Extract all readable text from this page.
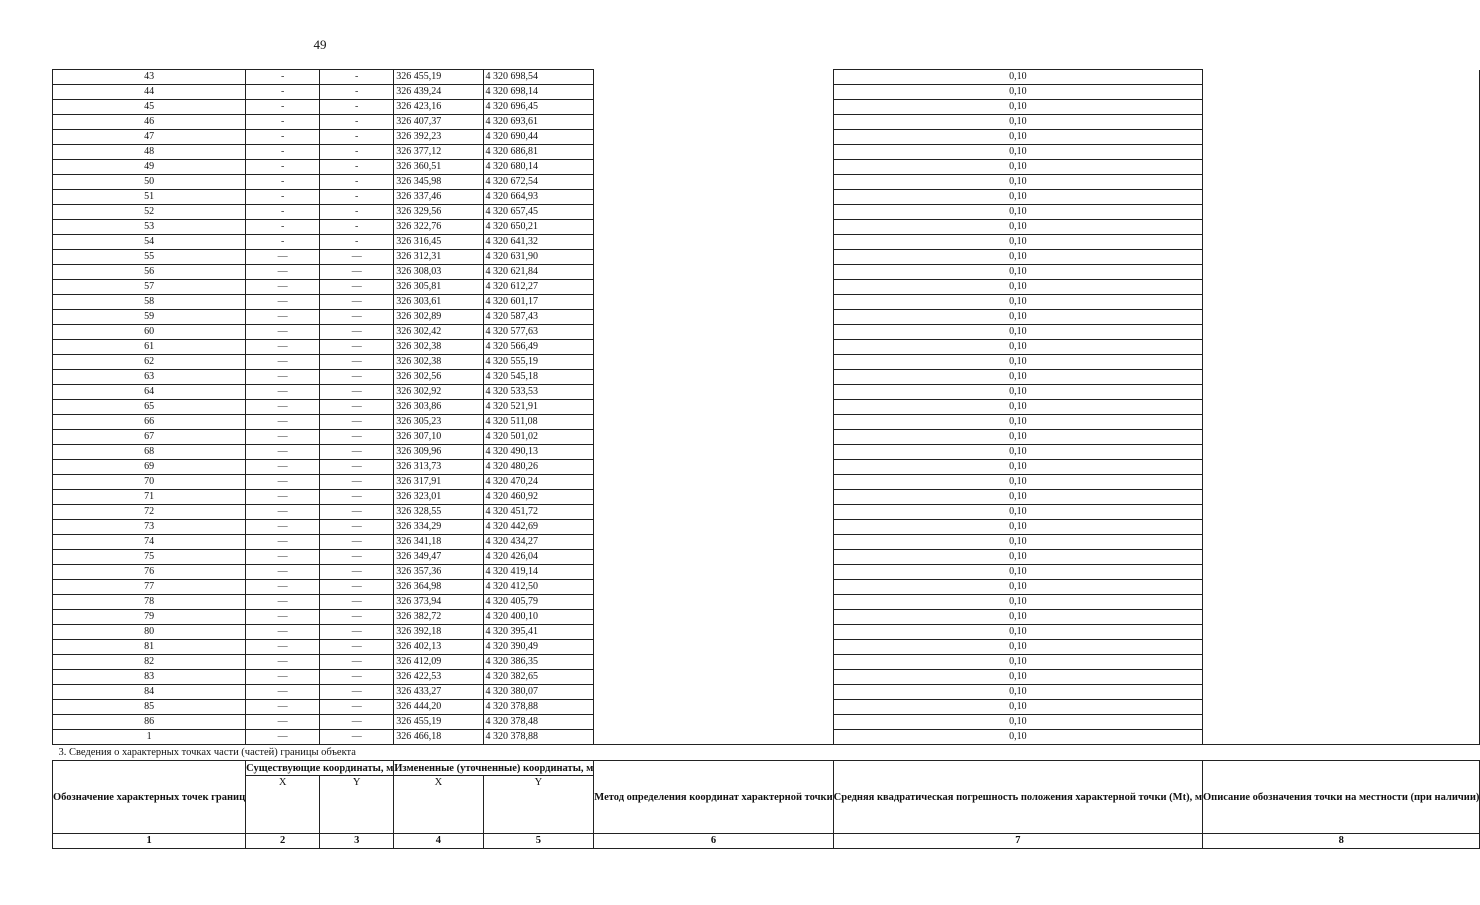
49
43	-	-	326 455,19	4 320 698,54		0,10	
44	-	-	326 439,24	4 320 698,14		0,10	
45	-	-	326 423,16	4 320 696,45		0,10	
46	-	-	326 407,37	4 320 693,61		0,10	
47	-	-	326 392,23	4 320 690,44		0,10	
48	-	-	326 377,12	4 320 686,81		0,10	
49	-	-	326 360,51	4 320 680,14		0,10	
50	-	-	326 345,98	4 320 672,54		0,10	
51	-	-	326 337,46	4 320 664,93		0,10	
52	-	-	326 329,56	4 320 657,45		0,10	
53	-	-	326 322,76	4 320 650,21		0,10	
54	-	-	326 316,45	4 320 641,32		0,10	
55	—	—	326 312,31	4 320 631,90		0,10	
56	—	—	326 308,03	4 320 621,84		0,10	
57	—	—	326 305,81	4 320 612,27		0,10	
58	—	—	326 303,61	4 320 601,17		0,10	
59	—	—	326 302,89	4 320 587,43		0,10	
60	—	—	326 302,42	4 320 577,63		0,10	
61	—	—	326 302,38	4 320 566,49		0,10	
62	—	—	326 302,38	4 320 555,19		0,10	
63	—	—	326 302,56	4 320 545,18		0,10	
64	—	—	326 302,92	4 320 533,53		0,10	
65	—	—	326 303,86	4 320 521,91		0,10	
66	—	—	326 305,23	4 320 511,08		0,10	
67	—	—	326 307,10	4 320 501,02		0,10	
68	—	—	326 309,96	4 320 490,13		0,10	
69	—	—	326 313,73	4 320 480,26		0,10	
70	—	—	326 317,91	4 320 470,24		0,10	
71	—	—	326 323,01	4 320 460,92		0,10	
72	—	—	326 328,55	4 320 451,72		0,10	
73	—	—	326 334,29	4 320 442,69		0,10	
74	—	—	326 341,18	4 320 434,27		0,10	
75	—	—	326 349,47	4 320 426,04		0,10	
76	—	—	326 357,36	4 320 419,14		0,10	
77	—	—	326 364,98	4 320 412,50		0,10	
78	—	—	326 373,94	4 320 405,79		0,10	
79	—	—	326 382,72	4 320 400,10		0,10	
80	—	—	326 392,18	4 320 395,41		0,10	
81	—	—	326 402,13	4 320 390,49		0,10	
82	—	—	326 412,09	4 320 386,35		0,10	
83	—	—	326 422,53	4 320 382,65		0,10	
84	—	—	326 433,27	4 320 380,07		0,10	
85	—	—	326 444,20	4 320 378,88		0,10	
86	—	—	326 455,19	4 320 378,48		0,10	
1	—	—	326 466,18	4 320 378,88		0,10	
3. Сведения о характерных точках части (частей) границы объекта							
Обозначение характерных точек границ	Существующие координаты, м		Измененные (уточненные) координаты, м		Метод определения координат характерной точки	Средняя квадратическая погрешность положения характерной точки (Mt), м	Описание обозначения точки на местности (при наличии)
	X	Y	X	Y			
1	2	3	4	5	6	7	8
